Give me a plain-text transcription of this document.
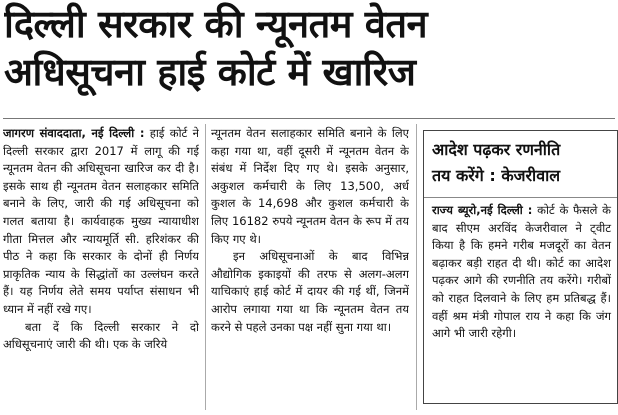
दिल्ली सरकार की न्यूनतम वेतन
अधिसूचना हाई कोर्ट में खारिज

जागरण संवाददाता, नई दिल्ली : हाई कोर्ट ने दिल्ली सरकार द्वारा 2017 में लागू की गई न्यूनतम वेतन की अधिसूचना खारिज कर दी है। इसके साथ ही न्यूनतम वेतन सलाहकार समिति बनाने के लिए, जारी की गई अधिसूचना को गलत बताया है। कार्यवाहक मुख्य न्यायाधीश गीता मित्तल और न्यायमूर्ति सी. हरिशंकर की पीठ ने कहा कि सरकार के दोनों ही निर्णय प्राकृतिक न्याय के सिद्धांतों का उल्लंघन करते हैं। यह निर्णय लेते समय पर्याप्त संसाधन भी ध्यान में नहीं रखे गए।

बता दें कि दिल्ली सरकार ने दो अधिसूचनाएं जारी की थी। एक के जरिये

न्यूनतम वेतन सलाहकार समिति बनाने के लिए कहा गया था, वहीं दूसरी में न्यूनतम वेतन के संबंध में निर्देश दिए गए थे। इसके अनुसार, अकुशल कर्मचारी के लिए 13,500, अर्ध कुशल के 14,698 और कुशल कर्मचारी के लिए 16182 रुपये न्यूनतम वेतन के रूप में तय किए गए थे।

इन अधिसूचनाओं के बाद विभिन्न औद्योगिक इकाइयों की तरफ से अलग-अलग याचिकाएं हाई कोर्ट में दायर की गई थीं, जिनमें आरोप लगाया गया था कि न्यूनतम वेतन तय करने से पहले उनका पक्ष नहीं सुना गया था।

आदेश पढ़कर रणनीति
तय करेंगे : केजरीवाल
राज्य ब्यूरो,नई दिल्ली : कोर्ट के फैसले के बाद सीएम अरविंद केजरीवाल ने ट्वीट किया है कि हमने गरीब मजदूरों का वेतन बढ़ाकर बड़ी राहत दी थी। कोर्ट का आदेश पढ़कर आगे की रणनीति तय करेंगे। गरीबों को राहत दिलवाने के लिए हम प्रतिबद्ध हैं। वहीं श्रम मंत्री गोपाल राय ने कहा कि जंग आगे भी जारी रहेगी।
